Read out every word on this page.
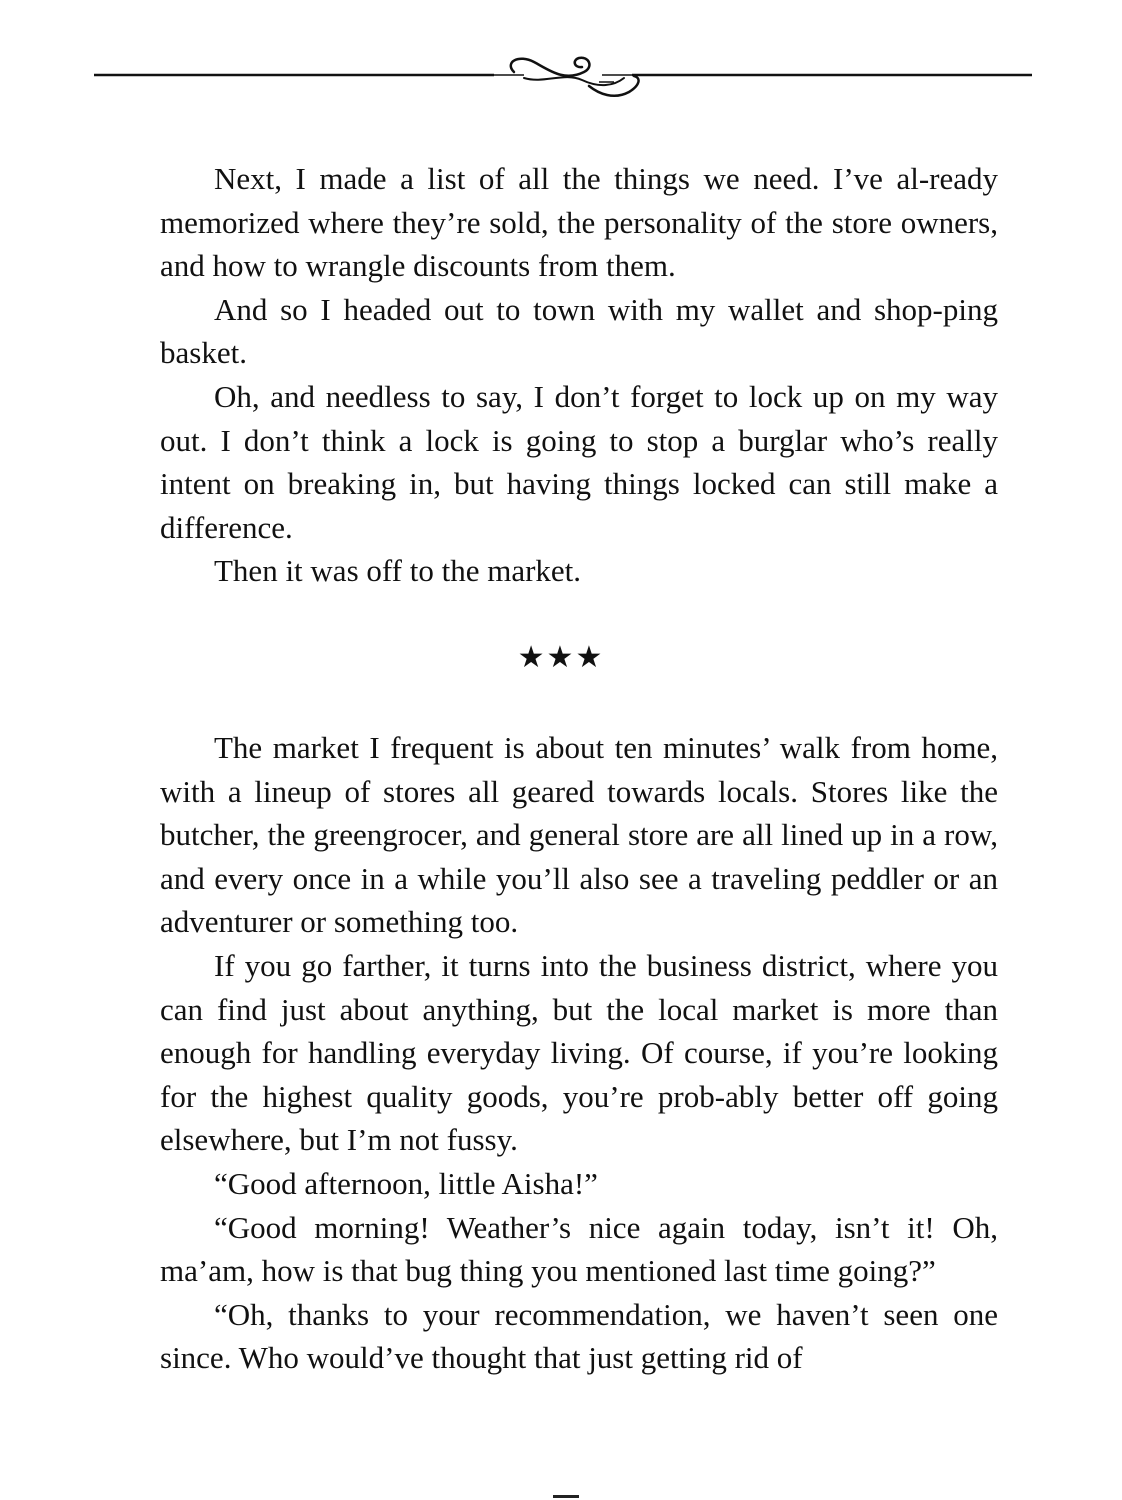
Next, I made a list of all the things we need. I’ve al-ready memorized where they’re sold, the personality of the store owners, and how to wrangle discounts from them.

And so I headed out to town with my wallet and shop-ping basket.

Oh, and needless to say, I don’t forget to lock up on my way out. I don’t think a lock is going to stop a burglar who’s really intent on breaking in, but having things locked can still make a difference.

Then it was off to the market.

★★★

The market I frequent is about ten minutes’ walk from home, with a lineup of stores all geared towards locals. Stores like the butcher, the greengrocer, and general store are all lined up in a row, and every once in a while you’ll also see a traveling peddler or an adventurer or something too.

If you go farther, it turns into the business district, where you can find just about anything, but the local market is more than enough for handling everyday living. Of course, if you’re looking for the highest quality goods, you’re prob-ably better off going elsewhere, but I’m not fussy.

“Good afternoon, little Aisha!”

“Good morning! Weather’s nice again today, isn’t it! Oh, ma’am, how is that bug thing you mentioned last time going?”

“Oh, thanks to your recommendation, we haven’t seen one since. Who would’ve thought that just getting rid of
